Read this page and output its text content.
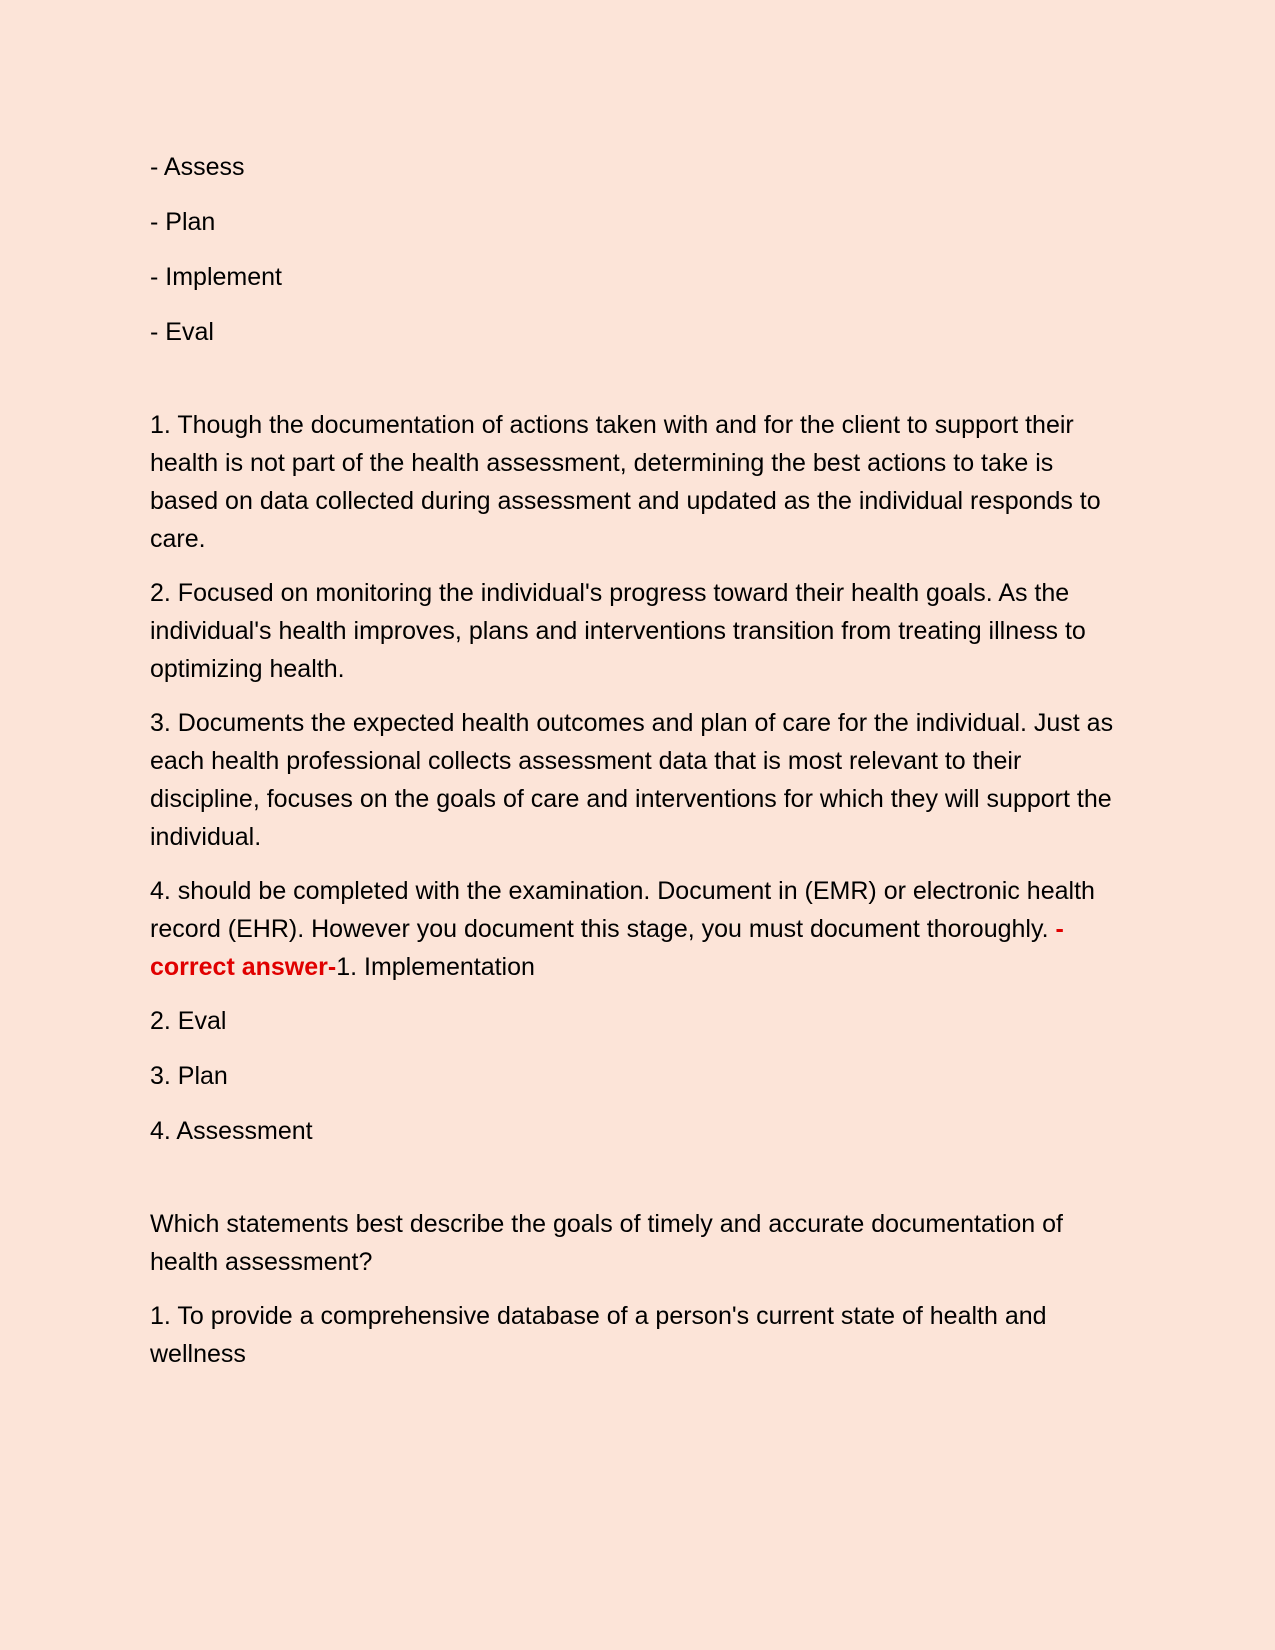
- Assess
- Plan
- Implement
- Eval

1. Though the documentation of actions taken with and for the client to support their health is not part of the health assessment, determining the best actions to take is based on data collected during assessment and updated as the individual responds to care.

2. Focused on monitoring the individual's progress toward their health goals. As the individual's health improves, plans and interventions transition from treating illness to optimizing health.

3. Documents the expected health outcomes and plan of care for the individual. Just as each health professional collects assessment data that is most relevant to their discipline, focuses on the goals of care and interventions for which they will support the individual.

4. should be completed with the examination. Document in (EMR) or electronic health record (EHR). However you document this stage, you must document thoroughly. - correct answer-1. Implementation

2. Eval
3. Plan
4. Assessment

Which statements best describe the goals of timely and accurate documentation of health assessment?

1. To provide a comprehensive database of a person's current state of health and wellness
